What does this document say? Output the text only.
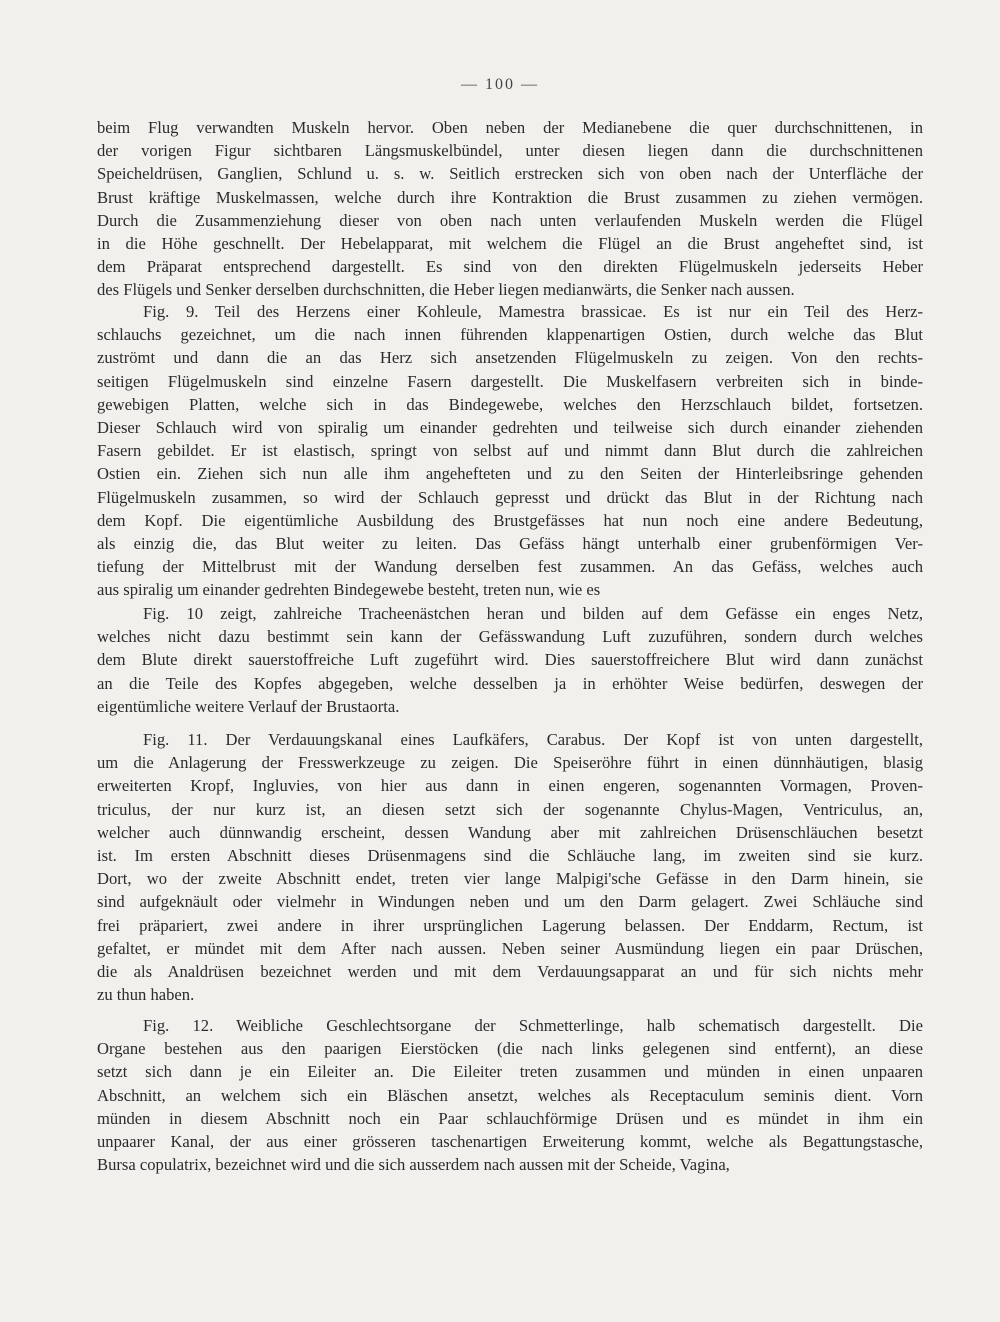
— 100 —
beim Flug verwandten Muskeln hervor. Oben neben der Medianebene die quer durchschnittenen, in
der vorigen Figur sichtbaren Längsmuskelbündel, unter diesen liegen dann die durchschnittenen
Speicheldrüsen, Ganglien, Schlund u. s. w. Seitlich erstrecken sich von oben nach der Unterfläche der
Brust kräftige Muskelmassen, welche durch ihre Kontraktion die Brust zusammen zu ziehen vermögen.
Durch die Zusammenziehung dieser von oben nach unten verlaufenden Muskeln werden die Flügel
in die Höhe geschnellt. Der Hebelapparat, mit welchem die Flügel an die Brust angeheftet sind, ist
dem Präparat entsprechend dargestellt. Es sind von den direkten Flügelmuskeln jederseits Heber
des Flügels und Senker derselben durchschnitten, die Heber liegen medianwärts, die Senker nach aussen.
Fig. 9. Teil des Herzens einer Kohleule, Mamestra brassicae. Es ist nur ein Teil des Herz-
schlauchs gezeichnet, um die nach innen führenden klappenartigen Ostien, durch welche das Blut
zuströmt und dann die an das Herz sich ansetzenden Flügelmuskeln zu zeigen. Von den rechts-
seitigen Flügelmuskeln sind einzelne Fasern dargestellt. Die Muskelfasern verbreiten sich in binde-
gewebigen Platten, welche sich in das Bindegewebe, welches den Herzschlauch bildet, fortsetzen.
Dieser Schlauch wird von spiralig um einander gedrehten und teilweise sich durch einander ziehenden
Fasern gebildet. Er ist elastisch, springt von selbst auf und nimmt dann Blut durch die zahlreichen
Ostien ein. Ziehen sich nun alle ihm angehefteten und zu den Seiten der Hinterleibsringe gehenden
Flügelmuskeln zusammen, so wird der Schlauch gepresst und drückt das Blut in der Richtung nach
dem Kopf. Die eigentümliche Ausbildung des Brustgefässes hat nun noch eine andere Bedeutung,
als einzig die, das Blut weiter zu leiten. Das Gefäss hängt unterhalb einer grubenförmigen Ver-
tiefung der Mittelbrust mit der Wandung derselben fest zusammen. An das Gefäss, welches auch
aus spiralig um einander gedrehten Bindegewebe besteht, treten nun, wie es
Fig. 10 zeigt, zahlreiche Tracheenästchen heran und bilden auf dem Gefässe ein enges Netz,
welches nicht dazu bestimmt sein kann der Gefässwandung Luft zuzuführen, sondern durch welches
dem Blute direkt sauerstoffreiche Luft zugeführt wird. Dies sauerstoffreichere Blut wird dann zunächst
an die Teile des Kopfes abgegeben, welche desselben ja in erhöhter Weise bedürfen, deswegen der
eigentümliche weitere Verlauf der Brustaorta.
Fig. 11. Der Verdauungskanal eines Laufkäfers, Carabus. Der Kopf ist von unten dargestellt,
um die Anlagerung der Fresswerkzeuge zu zeigen. Die Speiseröhre führt in einen dünnhäutigen, blasig
erweiterten Kropf, Ingluvies, von hier aus dann in einen engeren, sogenannten Vormagen, Proven-
triculus, der nur kurz ist, an diesen setzt sich der sogenannte Chylus-Magen, Ventriculus, an,
welcher auch dünnwandig erscheint, dessen Wandung aber mit zahlreichen Drüsenschläuchen besetzt
ist. Im ersten Abschnitt dieses Drüsenmagens sind die Schläuche lang, im zweiten sind sie kurz.
Dort, wo der zweite Abschnitt endet, treten vier lange Malpigi'sche Gefässe in den Darm hinein, sie
sind aufgeknäult oder vielmehr in Windungen neben und um den Darm gelagert. Zwei Schläuche sind
frei präpariert, zwei andere in ihrer ursprünglichen Lagerung belassen. Der Enddarm, Rectum, ist
gefaltet, er mündet mit dem After nach aussen. Neben seiner Ausmündung liegen ein paar Drüschen,
die als Analdrüsen bezeichnet werden und mit dem Verdauungsapparat an und für sich nichts mehr
zu thun haben.
Fig. 12. Weibliche Geschlechtsorgane der Schmetterlinge, halb schematisch dargestellt. Die
Organe bestehen aus den paarigen Eierstöcken (die nach links gelegenen sind entfernt), an diese
setzt sich dann je ein Eileiter an. Die Eileiter treten zusammen und münden in einen unpaaren
Abschnitt, an welchem sich ein Bläschen ansetzt, welches als Receptaculum seminis dient. Vorn
münden in diesem Abschnitt noch ein Paar schlauchförmige Drüsen und es mündet in ihm ein
unpaarer Kanal, der aus einer grösseren taschenartigen Erweiterung kommt, welche als Begattungstasche,
Bursa copulatrix, bezeichnet wird und die sich ausserdem nach aussen mit der Scheide, Vagina,
